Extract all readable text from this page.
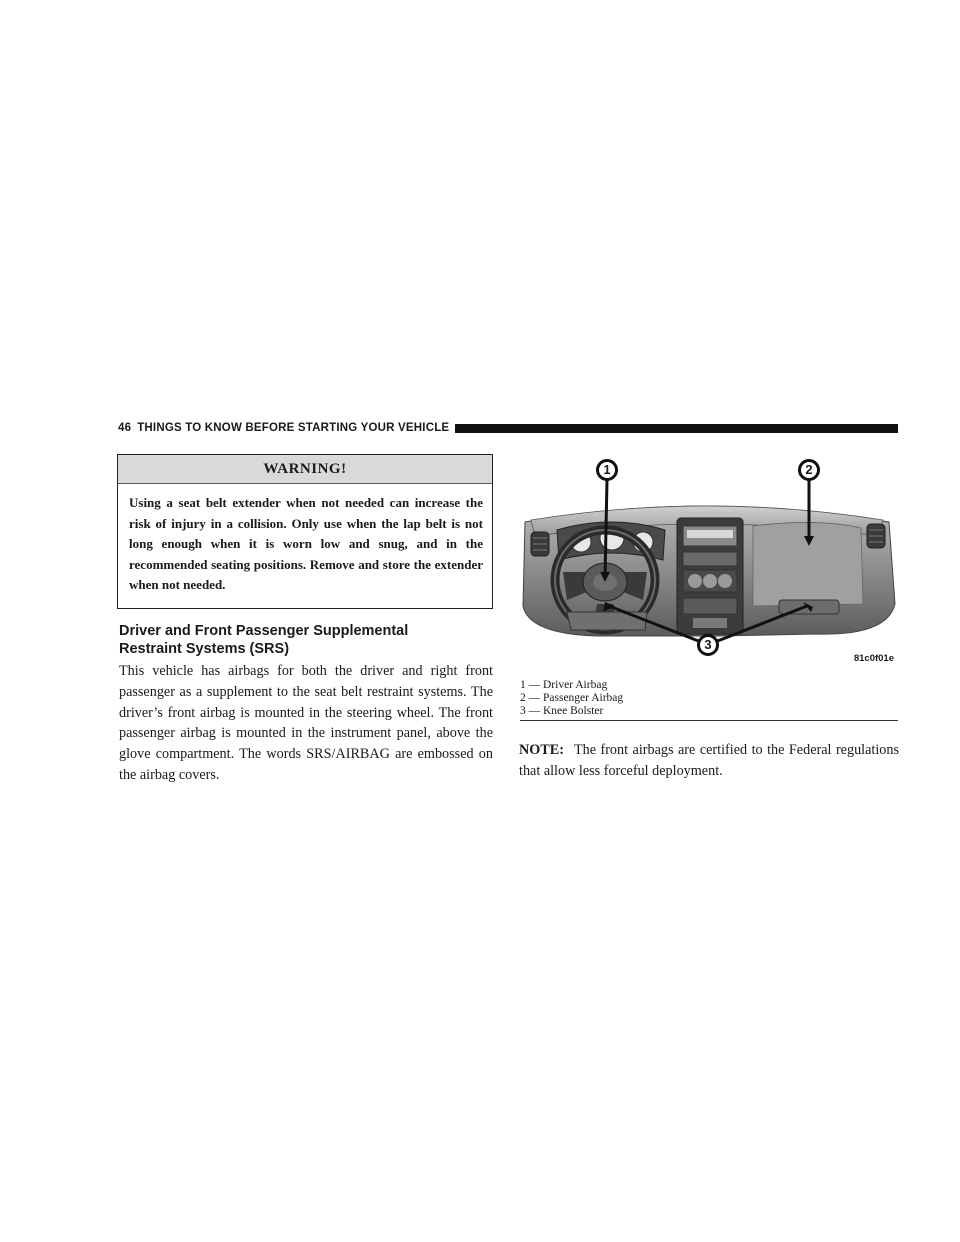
46 THINGS TO KNOW BEFORE STARTING YOUR VEHICLE
WARNING!
Using a seat belt extender when not needed can increase the risk of injury in a collision. Only use when the lap belt is not long enough when it is worn low and snug, and in the recommended seating positions. Remove and store the extender when not needed.
Driver and Front Passenger Supplemental
Restraint Systems (SRS)
This vehicle has airbags for both the driver and right front passenger as a supplement to the seat belt restraint systems. The driver’s front airbag is mounted in the steering wheel. The front passenger airbag is mounted in the instrument panel, above the glove compartment. The words SRS/AIRBAG are embossed on the airbag covers.
1	2
3
81c0f01e
1 — Driver Airbag
2 — Passenger Airbag
3 — Knee Bolster
NOTE: The front airbags are certified to the Federal regulations that allow less forceful deployment.
